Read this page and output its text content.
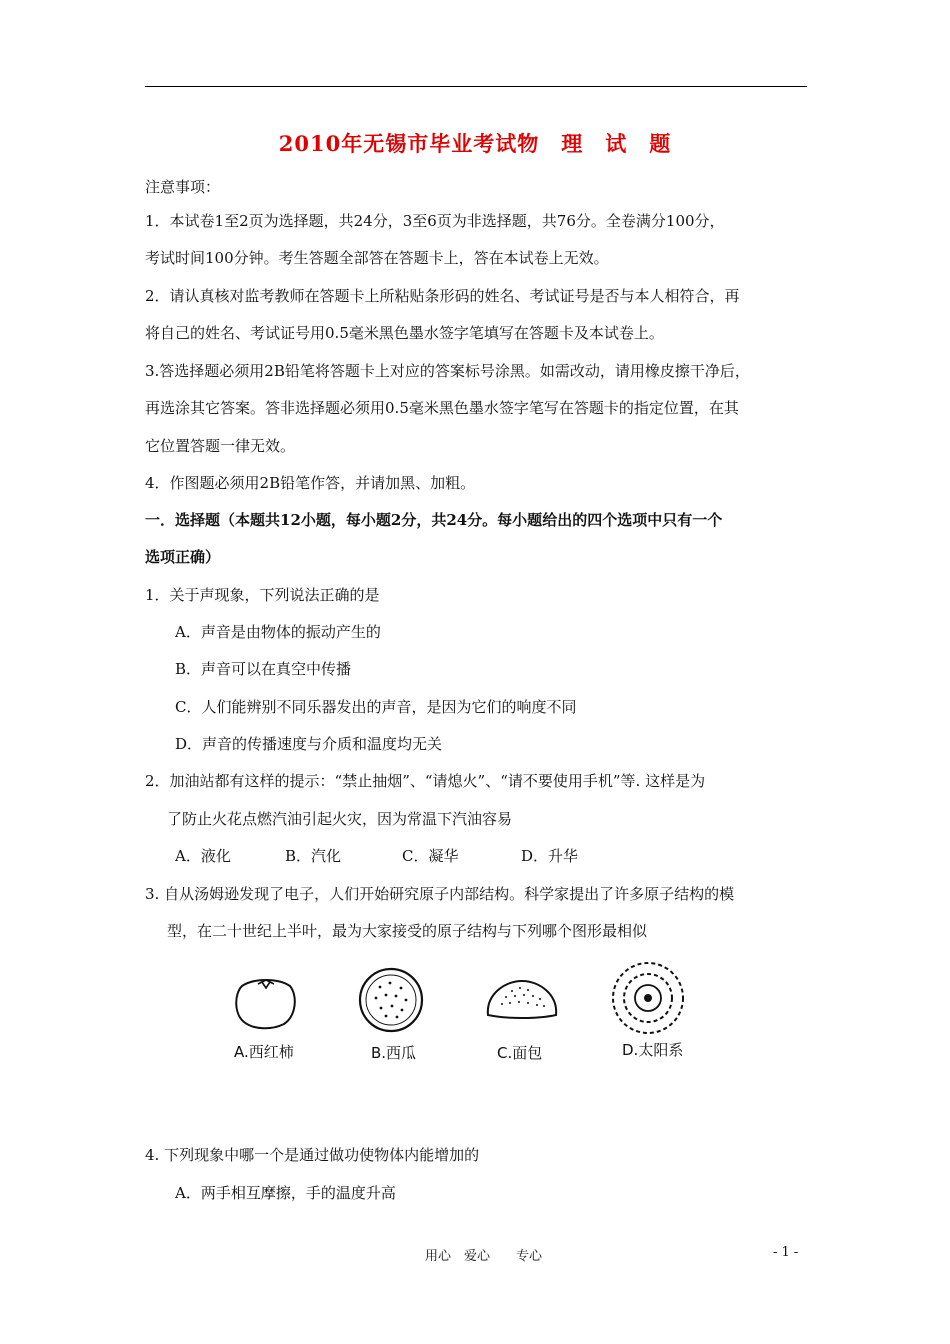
2010年无锡市毕业考试物　理　试　题
注意事项：
1．本试卷1至2页为选择题，共24分，3至6页为非选择题，共76分。全卷满分100分，
考试时间100分钟。考生答题全部答在答题卡上，答在本试卷上无效。
2．请认真核对监考教师在答题卡上所粘贴条形码的姓名、考试证号是否与本人相符合，再
将自己的姓名、考试证号用0.5毫米黑色墨水签字笔填写在答题卡及本试卷上。
3.答选择题必须用2B铅笔将答题卡上对应的答案标号涂黑。如需改动，请用橡皮擦干净后，
再选涂其它答案。答非选择题必须用0.5毫米黑色墨水签字笔写在答题卡的指定位置，在其
它位置答题一律无效。
4．作图题必须用2B铅笔作答，并请加黑、加粗。
一．选择题（本题共12小题，每小题2分，共24分。每小题给出的四个选项中只有一个
选项正确）
1．关于声现象，下列说法正确的是
A．声音是由物体的振动产生的
B．声音可以在真空中传播
C．人们能辨别不同乐器发出的声音，是因为它们的响度不同
D．声音的传播速度与介质和温度均无关
2．加油站都有这样的提示：“禁止抽烟”、“请熄火”、“请不要使用手机”等. 这样是为
了防止火花点燃汽油引起火灾，因为常温下汽油容易
A．液化	B．汽化	C．凝华	D．升华
3. 自从汤姆逊发现了电子，人们开始研究原子内部结构。科学家提出了许多原子结构的模
型，在二十世纪上半叶，最为大家接受的原子结构与下列哪个图形最相似
A.西红柿	B.西瓜	C.面包	D.太阳系
4. 下列现象中哪一个是通过做功使物体内能增加的
A．两手相互摩擦，手的温度升高
用心　爱心　　专心	- 1 -
